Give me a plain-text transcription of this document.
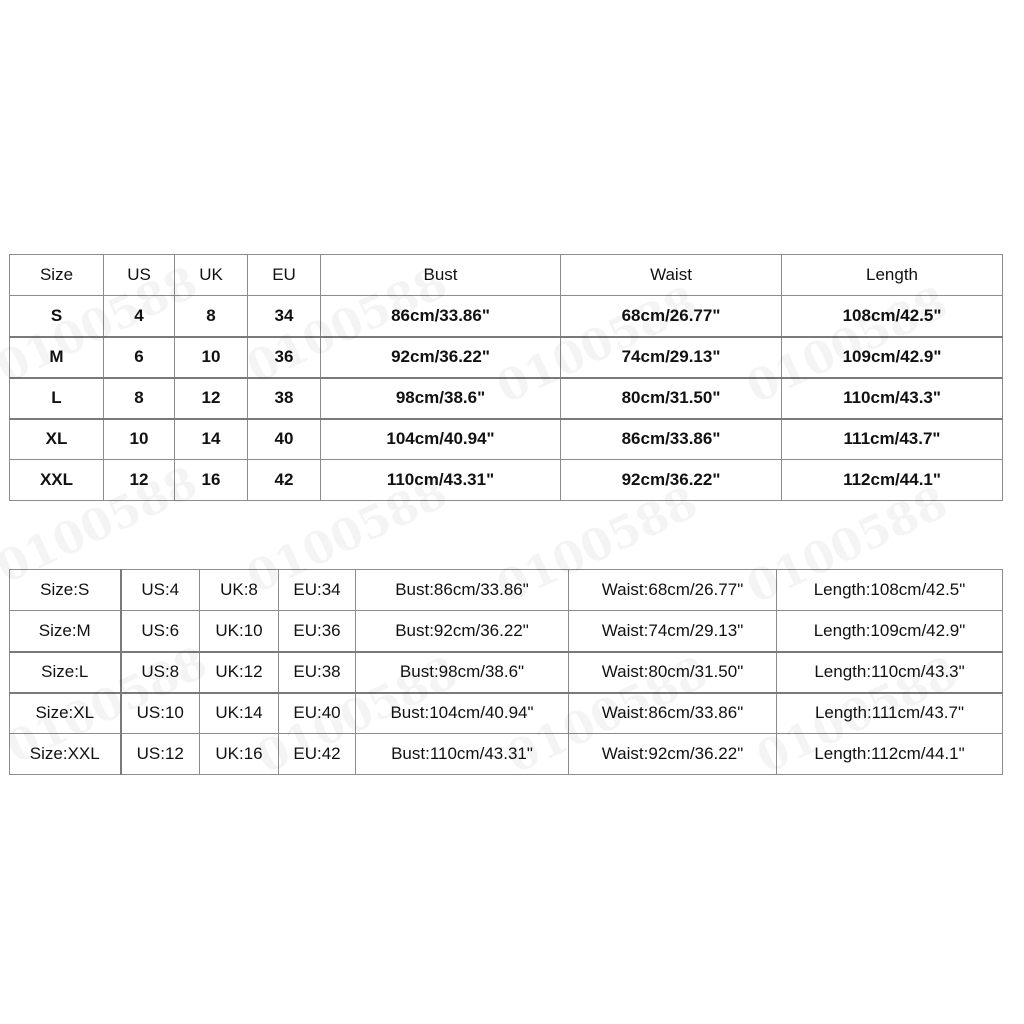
Size	US	UK	EU	Bust	Waist	Length
S	4	8	34	86cm/33.86"	68cm/26.77"	108cm/42.5"
M	6	10	36	92cm/36.22"	74cm/29.13"	109cm/42.9"
L	8	12	38	98cm/38.6"	80cm/31.50"	110cm/43.3"
XL	10	14	40	104cm/40.94"	86cm/33.86"	111cm/43.7"
XXL	12	16	42	110cm/43.31"	92cm/36.22"	112cm/44.1"
Size:S	US:4	UK:8	EU:34	Bust:86cm/33.86"	Waist:68cm/26.77"	Length:108cm/42.5"
Size:M	US:6	UK:10	EU:36	Bust:92cm/36.22"	Waist:74cm/29.13"	Length:109cm/42.9"
Size:L	US:8	UK:12	EU:38	Bust:98cm/38.6"	Waist:80cm/31.50"	Length:110cm/43.3"
Size:XL	US:10	UK:14	EU:40	Bust:104cm/40.94"	Waist:86cm/33.86"	Length:111cm/43.7"
Size:XXL	US:12	UK:16	EU:42	Bust:110cm/43.31"	Waist:92cm/36.22"	Length:112cm/44.1"
